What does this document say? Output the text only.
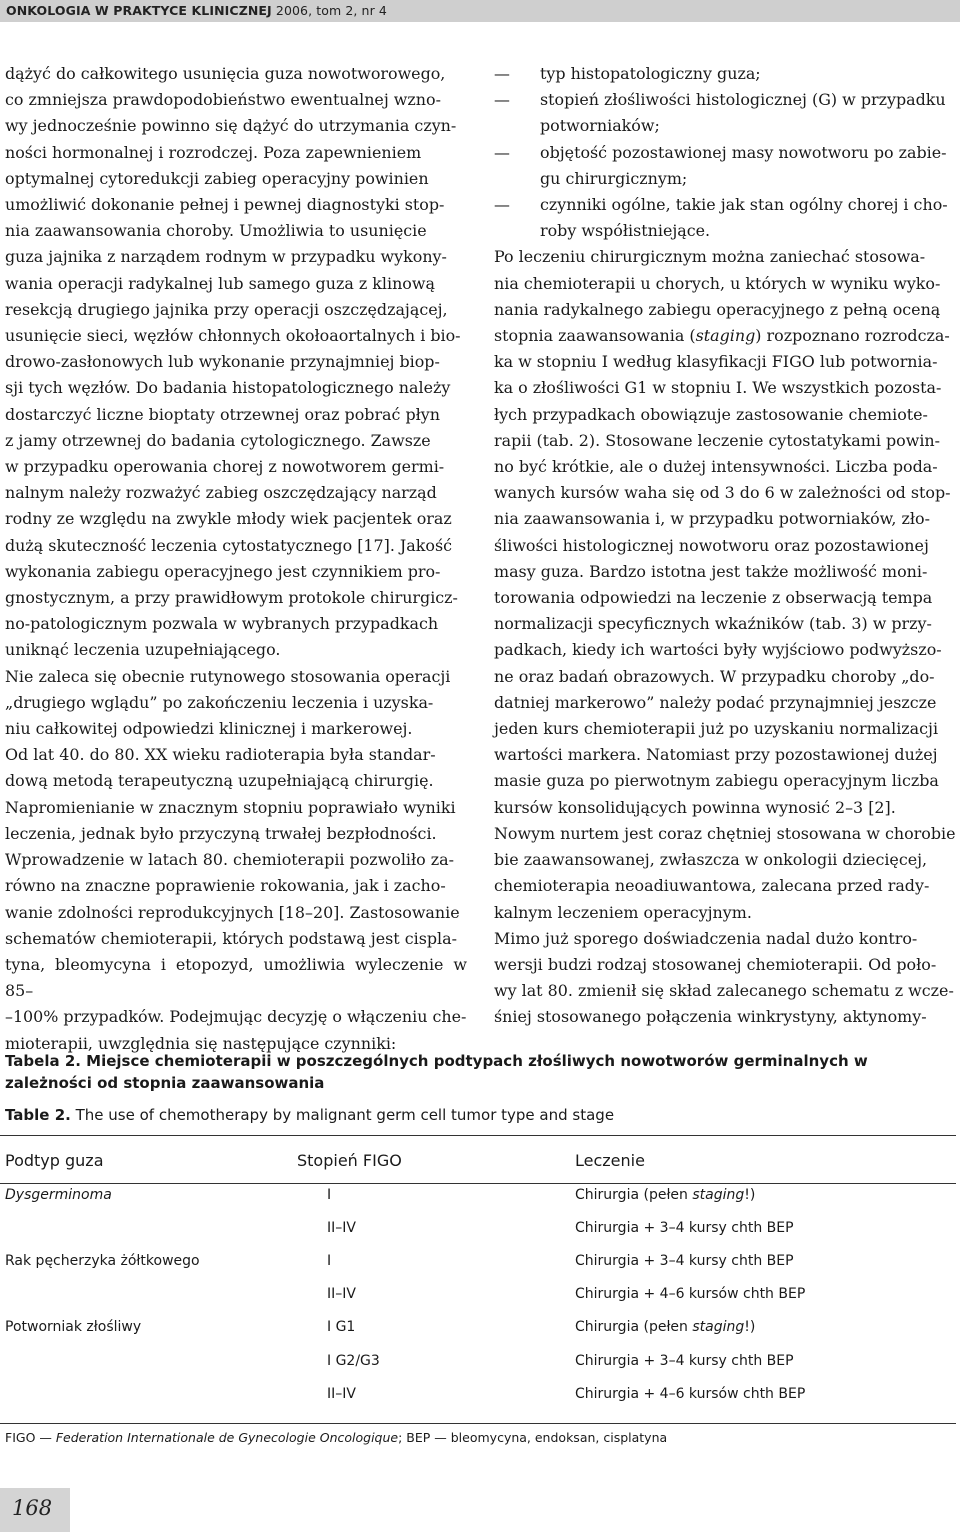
ONKOLOGIA W PRAKTYCE KLINICZNEJ 2006, tom 2, nr 4

dążyć do całkowitego usunięcia guza nowotworowego,
co zmniejsza prawdopodobieństwo ewentualnej wzno-
wy jednocześnie powinno się dążyć do utrzymania czyn-
ności hormonalnej i rozrodczej. Poza zapewnieniem
optymalnej cytoredukcji zabieg operacyjny powinien
umożliwić dokonanie pełnej i pewnej diagnostyki stop-
nia zaawansowania choroby. Umożliwia to usunięcie
guza jajnika z narządem rodnym w przypadku wykony-
wania operacji radykalnej lub samego guza z klinową
resekcją drugiego jajnika przy operacji oszczędzającej,
usunięcie sieci, węzłów chłonnych okołoaortalnych i bio-
drowo-zasłonowych lub wykonanie przynajmniej biop-
sji tych węzłów. Do badania histopatologicznego należy
dostarczyć liczne bioptaty otrzewnej oraz pobrać płyn
z jamy otrzewnej do badania cytologicznego. Zawsze
w przypadku operowania chorej z nowotworem germi-
nalnym należy rozważyć zabieg oszczędzający narząd
rodny ze względu na zwykle młody wiek pacjentek oraz
dużą skuteczność leczenia cytostatycznego [17]. Jakość
wykonania zabiegu operacyjnego jest czynnikiem pro-
gnostycznym, a przy prawidłowym protokole chirurgicz-
no-patologicznym pozwala w wybranych przypadkach
uniknąć leczenia uzupełniającego.

Nie zaleca się obecnie rutynowego stosowania operacji
„drugiego wglądu” po zakończeniu leczenia i uzyska-
niu całkowitej odpowiedzi klinicznej i markerowej.

Od lat 40. do 80. XX wieku radioterapia była standar-
dową metodą terapeutyczną uzupełniającą chirurgię.
Napromienianie w znacznym stopniu poprawiało wyniki
leczenia, jednak było przyczyną trwałej bezpłodności.
Wprowadzenie w latach 80. chemioterapii pozwoliło za-
równo na znaczne poprawienie rokowania, jak i zacho-
wanie zdolności reprodukcyjnych [18–20]. Zastosowanie
schematów chemioterapii, których podstawą jest cispla-
tyna, bleomycyna i etopozyd, umożliwia wyleczenie w 85–
–100% przypadków. Podejmując decyzję o włączeniu che-
mioterapii, uwzględnia się następujące czynniki:

— typ histopatologiczny guza;
— stopień złośliwości histologicznej (G) w przypadku
potworniaków;
— objętość pozostawionej masy nowotworu po zabie-
gu chirurgicznym;
— czynniki ogólne, takie jak stan ogólny chorej i cho-
roby współistniejące.

Po leczeniu chirurgicznym można zaniechać stosowa-
nia chemioterapii u chorych, u których w wyniku wyko-
nania radykalnego zabiegu operacyjnego z pełną oceną
stopnia zaawansowania (staging) rozpoznano rozrodcza-
ka w stopniu I według klasyfikacji FIGO lub potwornia-
ka o złośliwości G1 w stopniu I. We wszystkich pozosta-
łych przypadkach obowiązuje zastosowanie chemiote-
rapii (tab. 2). Stosowane leczenie cytostatykami powin-
no być krótkie, ale o dużej intensywności. Liczba poda-
wanych kursów waha się od 3 do 6 w zależności od stop-
nia zaawansowania i, w przypadku potworniaków, zło-
śliwości histologicznej nowotworu oraz pozostawionej
masy guza. Bardzo istotna jest także możliwość moni-
torowania odpowiedzi na leczenie z obserwacją tempa
normalizacji specyficznych wkaźników (tab. 3) w przy-
padkach, kiedy ich wartości były wyjściowo podwyższo-
ne oraz badań obrazowych. W przypadku choroby „do-
datniej markerowo” należy podać przynajmniej jeszcze
jeden kurs chemioterapii już po uzyskaniu normalizacji
wartości markera. Natomiast przy pozostawionej dużej
masie guza po pierwotnym zabiegu operacyjnym liczba
kursów konsolidujących powinna wynosić 2–3 [2].

Nowym nurtem jest coraz chętniej stosowana w chorobie
bie zaawansowanej, zwłaszcza w onkologii dziecięcej,
chemioterapia neoadiuwantowa, zalecana przed rady-
kalnym leczeniem operacyjnym.

Mimo już sporego doświadczenia nadal dużo kontro-
wersji budzi rodzaj stosowanej chemioterapii. Od poło-
wy lat 80. zmienił się skład zalecanego schematu z wcze-
śniej stosowanego połączenia winkrystyny, aktynomy-

Tabela 2. Miejsce chemioterapii w poszczególnych podtypach złośliwych nowotworów germinalnych w zależności od stopnia zaawansowania
Table 2. The use of chemotherapy by malignant germ cell tumor type and stage
Podtyp guza	Stopień FIGO	Leczenie
Dysgerminoma	I	Chirurgia (pełen staging!)
	II–IV	Chirurgia + 3–4 kursy chth BEP
Rak pęcherzyka żółtkowego	I	Chirurgia + 3–4 kursy chth BEP
	II–IV	Chirurgia + 4–6 kursów chth BEP
Potworniak złośliwy	I G1	Chirurgia (pełen staging!)
	I G2/G3	Chirurgia + 3–4 kursy chth BEP
	II–IV	Chirurgia + 4–6 kursów chth BEP
FIGO — Federation Internationale de Gynecologie Oncologique; BEP — bleomycyna, endoksan, cisplatyna
168
